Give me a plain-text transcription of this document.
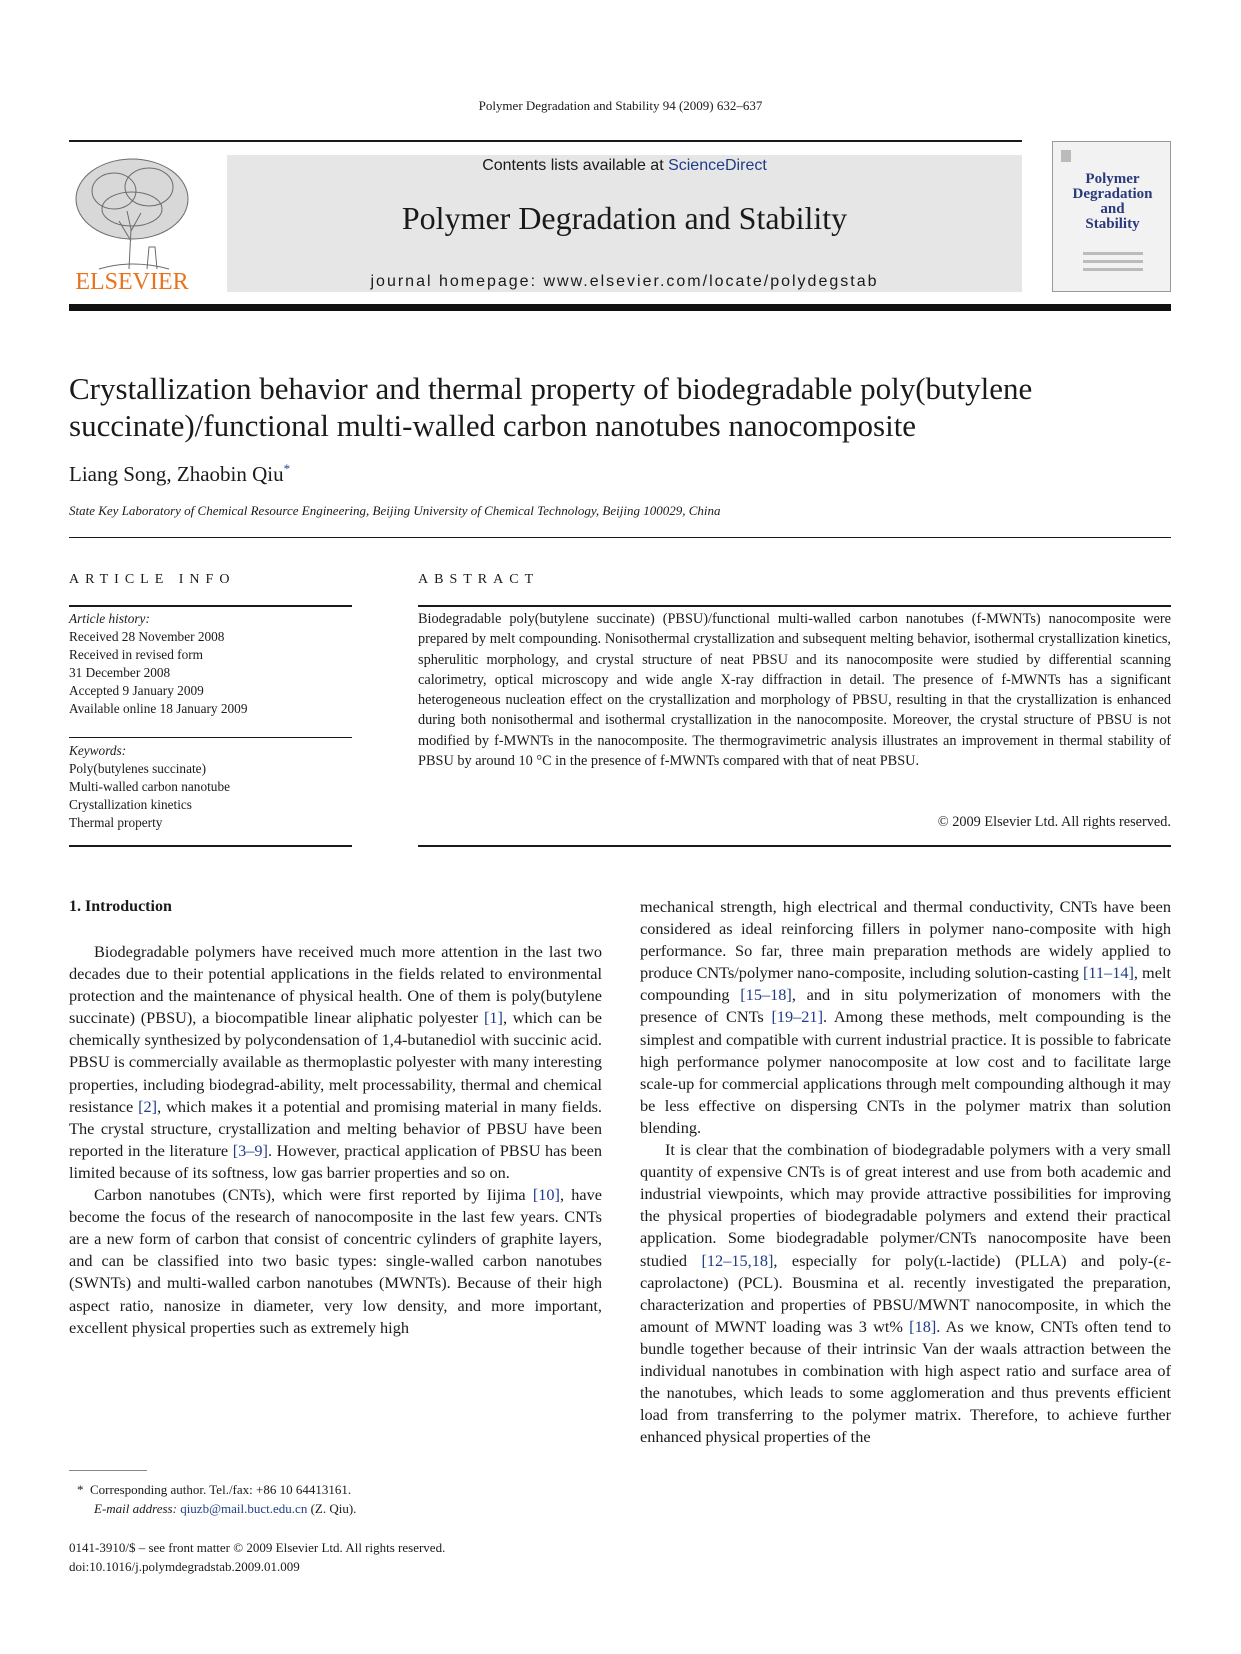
Polymer Degradation and Stability 94 (2009) 632–637
ELSEVIER
Contents lists available at ScienceDirect
Polymer Degradation and Stability
journal homepage: www.elsevier.com/locate/polydegstab
Polymer
Degradation
and
Stability
Crystallization behavior and thermal property of biodegradable poly(butylene succinate)/functional multi-walled carbon nanotubes nanocomposite
Liang Song, Zhaobin Qiu*
State Key Laboratory of Chemical Resource Engineering, Beijing University of Chemical Technology, Beijing 100029, China
ARTICLE INFO
Article history:
Received 28 November 2008
Received in revised form
31 December 2008
Accepted 9 January 2009
Available online 18 January 2009
Keywords:
Poly(butylenes succinate)
Multi-walled carbon nanotube
Crystallization kinetics
Thermal property
ABSTRACT
Biodegradable poly(butylene succinate) (PBSU)/functional multi-walled carbon nanotubes (f-MWNTs) nanocomposite were prepared by melt compounding. Nonisothermal crystallization and subsequent melting behavior, isothermal crystallization kinetics, spherulitic morphology, and crystal structure of neat PBSU and its nanocomposite were studied by differential scanning calorimetry, optical microscopy and wide angle X-ray diffraction in detail. The presence of f-MWNTs has a significant heterogeneous nucleation effect on the crystallization and morphology of PBSU, resulting in that the crystallization is enhanced during both nonisothermal and isothermal crystallization in the nanocomposite. Moreover, the crystal structure of PBSU is not modified by f-MWNTs in the nanocomposite. The thermogravimetric analysis illustrates an improvement in thermal stability of PBSU by around 10 °C in the presence of f-MWNTs compared with that of neat PBSU.
© 2009 Elsevier Ltd. All rights reserved.
1. Introduction

Biodegradable polymers have received much more attention in the last two decades due to their potential applications in the fields related to environmental protection and the maintenance of physical health. One of them is poly(butylene succinate) (PBSU), a biocompatible linear aliphatic polyester [1], which can be chemically synthesized by polycondensation of 1,4-butanediol with succinic acid. PBSU is commercially available as thermoplastic polyester with many interesting properties, including biodegrad-ability, melt processability, thermal and chemical resistance [2], which makes it a potential and promising material in many fields. The crystal structure, crystallization and melting behavior of PBSU have been reported in the literature [3–9]. However, practical application of PBSU has been limited because of its softness, low gas barrier properties and so on.

Carbon nanotubes (CNTs), which were first reported by Iijima [10], have become the focus of the research of nanocomposite in the last few years. CNTs are a new form of carbon that consist of concentric cylinders of graphite layers, and can be classified into two basic types: single-walled carbon nanotubes (SWNTs) and multi-walled carbon nanotubes (MWNTs). Because of their high aspect ratio, nanosize in diameter, very low density, and more important, excellent physical properties such as extremely high

mechanical strength, high electrical and thermal conductivity, CNTs have been considered as ideal reinforcing fillers in polymer nano-composite with high performance. So far, three main preparation methods are widely applied to produce CNTs/polymer nano-composite, including solution-casting [11–14], melt compounding [15–18], and in situ polymerization of monomers with the presence of CNTs [19–21]. Among these methods, melt compounding is the simplest and compatible with current industrial practice. It is possible to fabricate high performance polymer nanocomposite at low cost and to facilitate large scale-up for commercial applications through melt compounding although it may be less effective on dispersing CNTs in the polymer matrix than solution blending.

It is clear that the combination of biodegradable polymers with a very small quantity of expensive CNTs is of great interest and use from both academic and industrial viewpoints, which may provide attractive possibilities for improving the physical properties of biodegradable polymers and extend their practical application. Some biodegradable polymer/CNTs nanocomposite have been studied [12–15,18], especially for poly(ʟ-lactide) (PLLA) and poly-(ε-caprolactone) (PCL). Bousmina et al. recently investigated the preparation, characterization and properties of PBSU/MWNT nanocomposite, in which the amount of MWNT loading was 3 wt% [18]. As we know, CNTs often tend to bundle together because of their intrinsic Van der waals attraction between the individual nanotubes in combination with high aspect ratio and surface area of the nanotubes, which leads to some agglomeration and thus prevents efficient load from transferring to the polymer matrix. Therefore, to achieve further enhanced physical properties of the

* Corresponding author. Tel./fax: +86 10 64413161.
E-mail address: qiuzb@mail.buct.edu.cn (Z. Qiu).
0141-3910/$ – see front matter © 2009 Elsevier Ltd. All rights reserved.
doi:10.1016/j.polymdegradstab.2009.01.009
